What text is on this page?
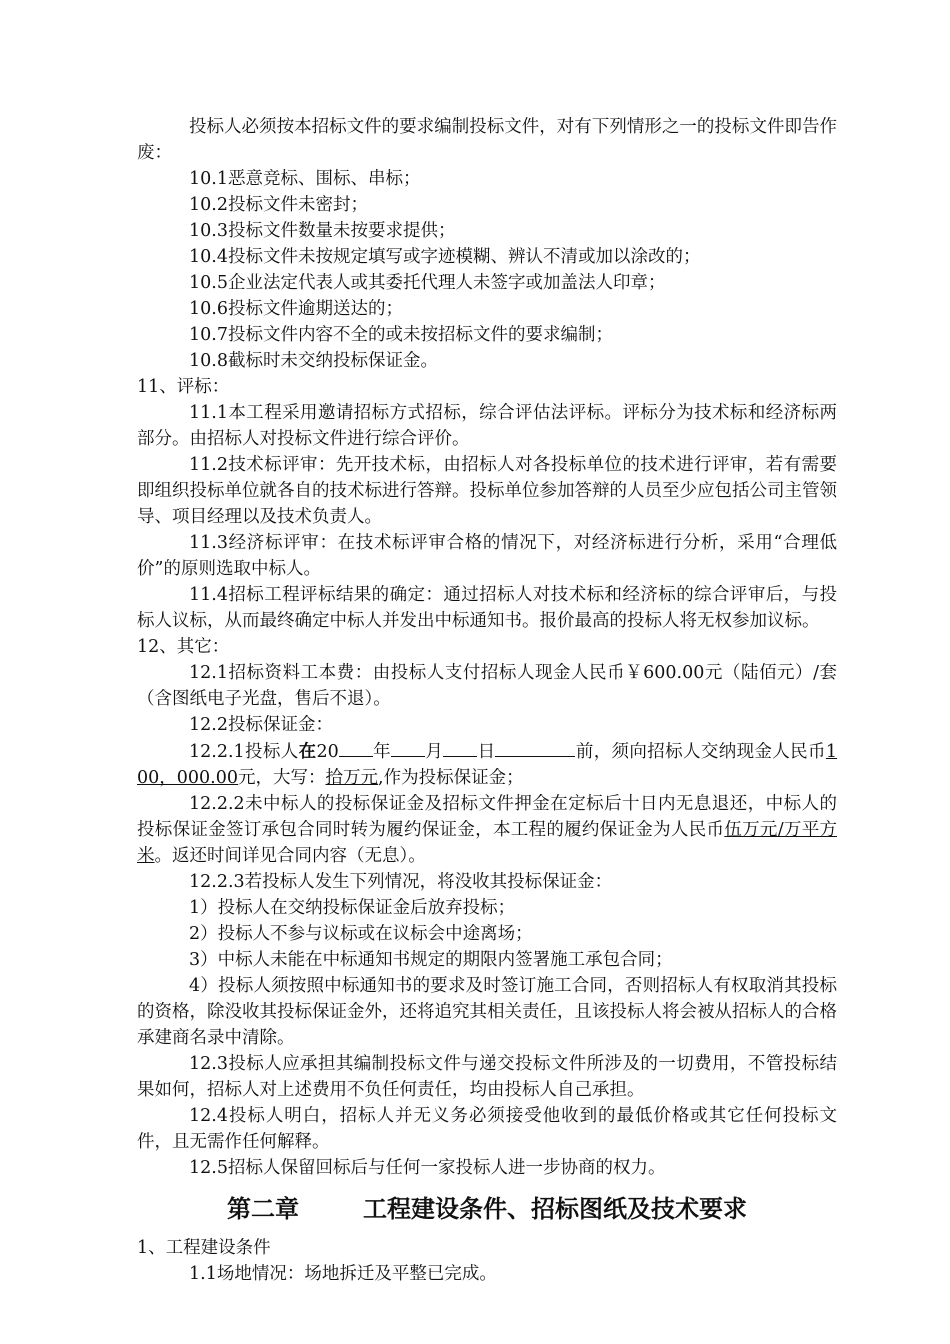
投标人必须按本招标文件的要求编制投标文件，对有下列情形之一的投标文件即告作废：

10.1恶意竞标、围标、串标；

10.2投标文件未密封；

10.3投标文件数量未按要求提供；

10.4投标文件未按规定填写或字迹模糊、辨认不清或加以涂改的；

10.5企业法定代表人或其委托代理人未签字或加盖法人印章；

10.6投标文件逾期送达的；

10.7投标文件内容不全的或未按招标文件的要求编制；

10.8截标时未交纳投标保证金。

11、评标：

11.1本工程采用邀请招标方式招标，综合评估法评标。评标分为技术标和经济标两部分。由招标人对投标文件进行综合评价。

11.2技术标评审：先开技术标，由招标人对各投标单位的技术进行评审，若有需要即组织投标单位就各自的技术标进行答辩。投标单位参加答辩的人员至少应包括公司主管领导、项目经理以及技术负责人。

11.3经济标评审：在技术标评审合格的情况下，对经济标进行分析，采用“合理低价”的原则选取中标人。

11.4招标工程评标结果的确定：通过招标人对技术标和经济标的综合评审后，与投标人议标，从而最终确定中标人并发出中标通知书。报价最高的投标人将无权参加议标。

12、其它：

12.1招标资料工本费：由投标人支付招标人现金人民币￥600.00元（陆佰元）/套（含图纸电子光盘，售后不退）。

12.2投标保证金：

12.2.1投标人在20 年 月 日	前，须向招标人交纳现金人民币100，000.00元，大写：拾万元,作为投标保证金；

12.2.2未中标人的投标保证金及招标文件押金在定标后十日内无息退还，中标人的投标保证金签订承包合同时转为履约保证金，本工程的履约保证金为人民币伍万元/万平方米。返还时间详见合同内容（无息）。

12.2.3若投标人发生下列情况，将没收其投标保证金：

1）投标人在交纳投标保证金后放弃投标；

2）投标人不参与议标或在议标会中途离场；

3）中标人未能在中标通知书规定的期限内签署施工承包合同；

4）投标人须按照中标通知书的要求及时签订施工合同，否则招标人有权取消其投标的资格，除没收其投标保证金外，还将追究其相关责任，且该投标人将会被从招标人的合格承建商名录中清除。

12.3投标人应承担其编制投标文件与递交投标文件所涉及的一切费用，不管投标结果如何，招标人对上述费用不负任何责任，均由投标人自己承担。

12.4投标人明白，招标人并无义务必须接受他收到的最低价格或其它任何投标文件，且无需作任何解释。

12.5招标人保留回标后与任何一家投标人进一步协商的权力。

第二章	工程建设条件、招标图纸及技术要求

1、工程建设条件

1.1场地情况：场地拆迁及平整已完成。
